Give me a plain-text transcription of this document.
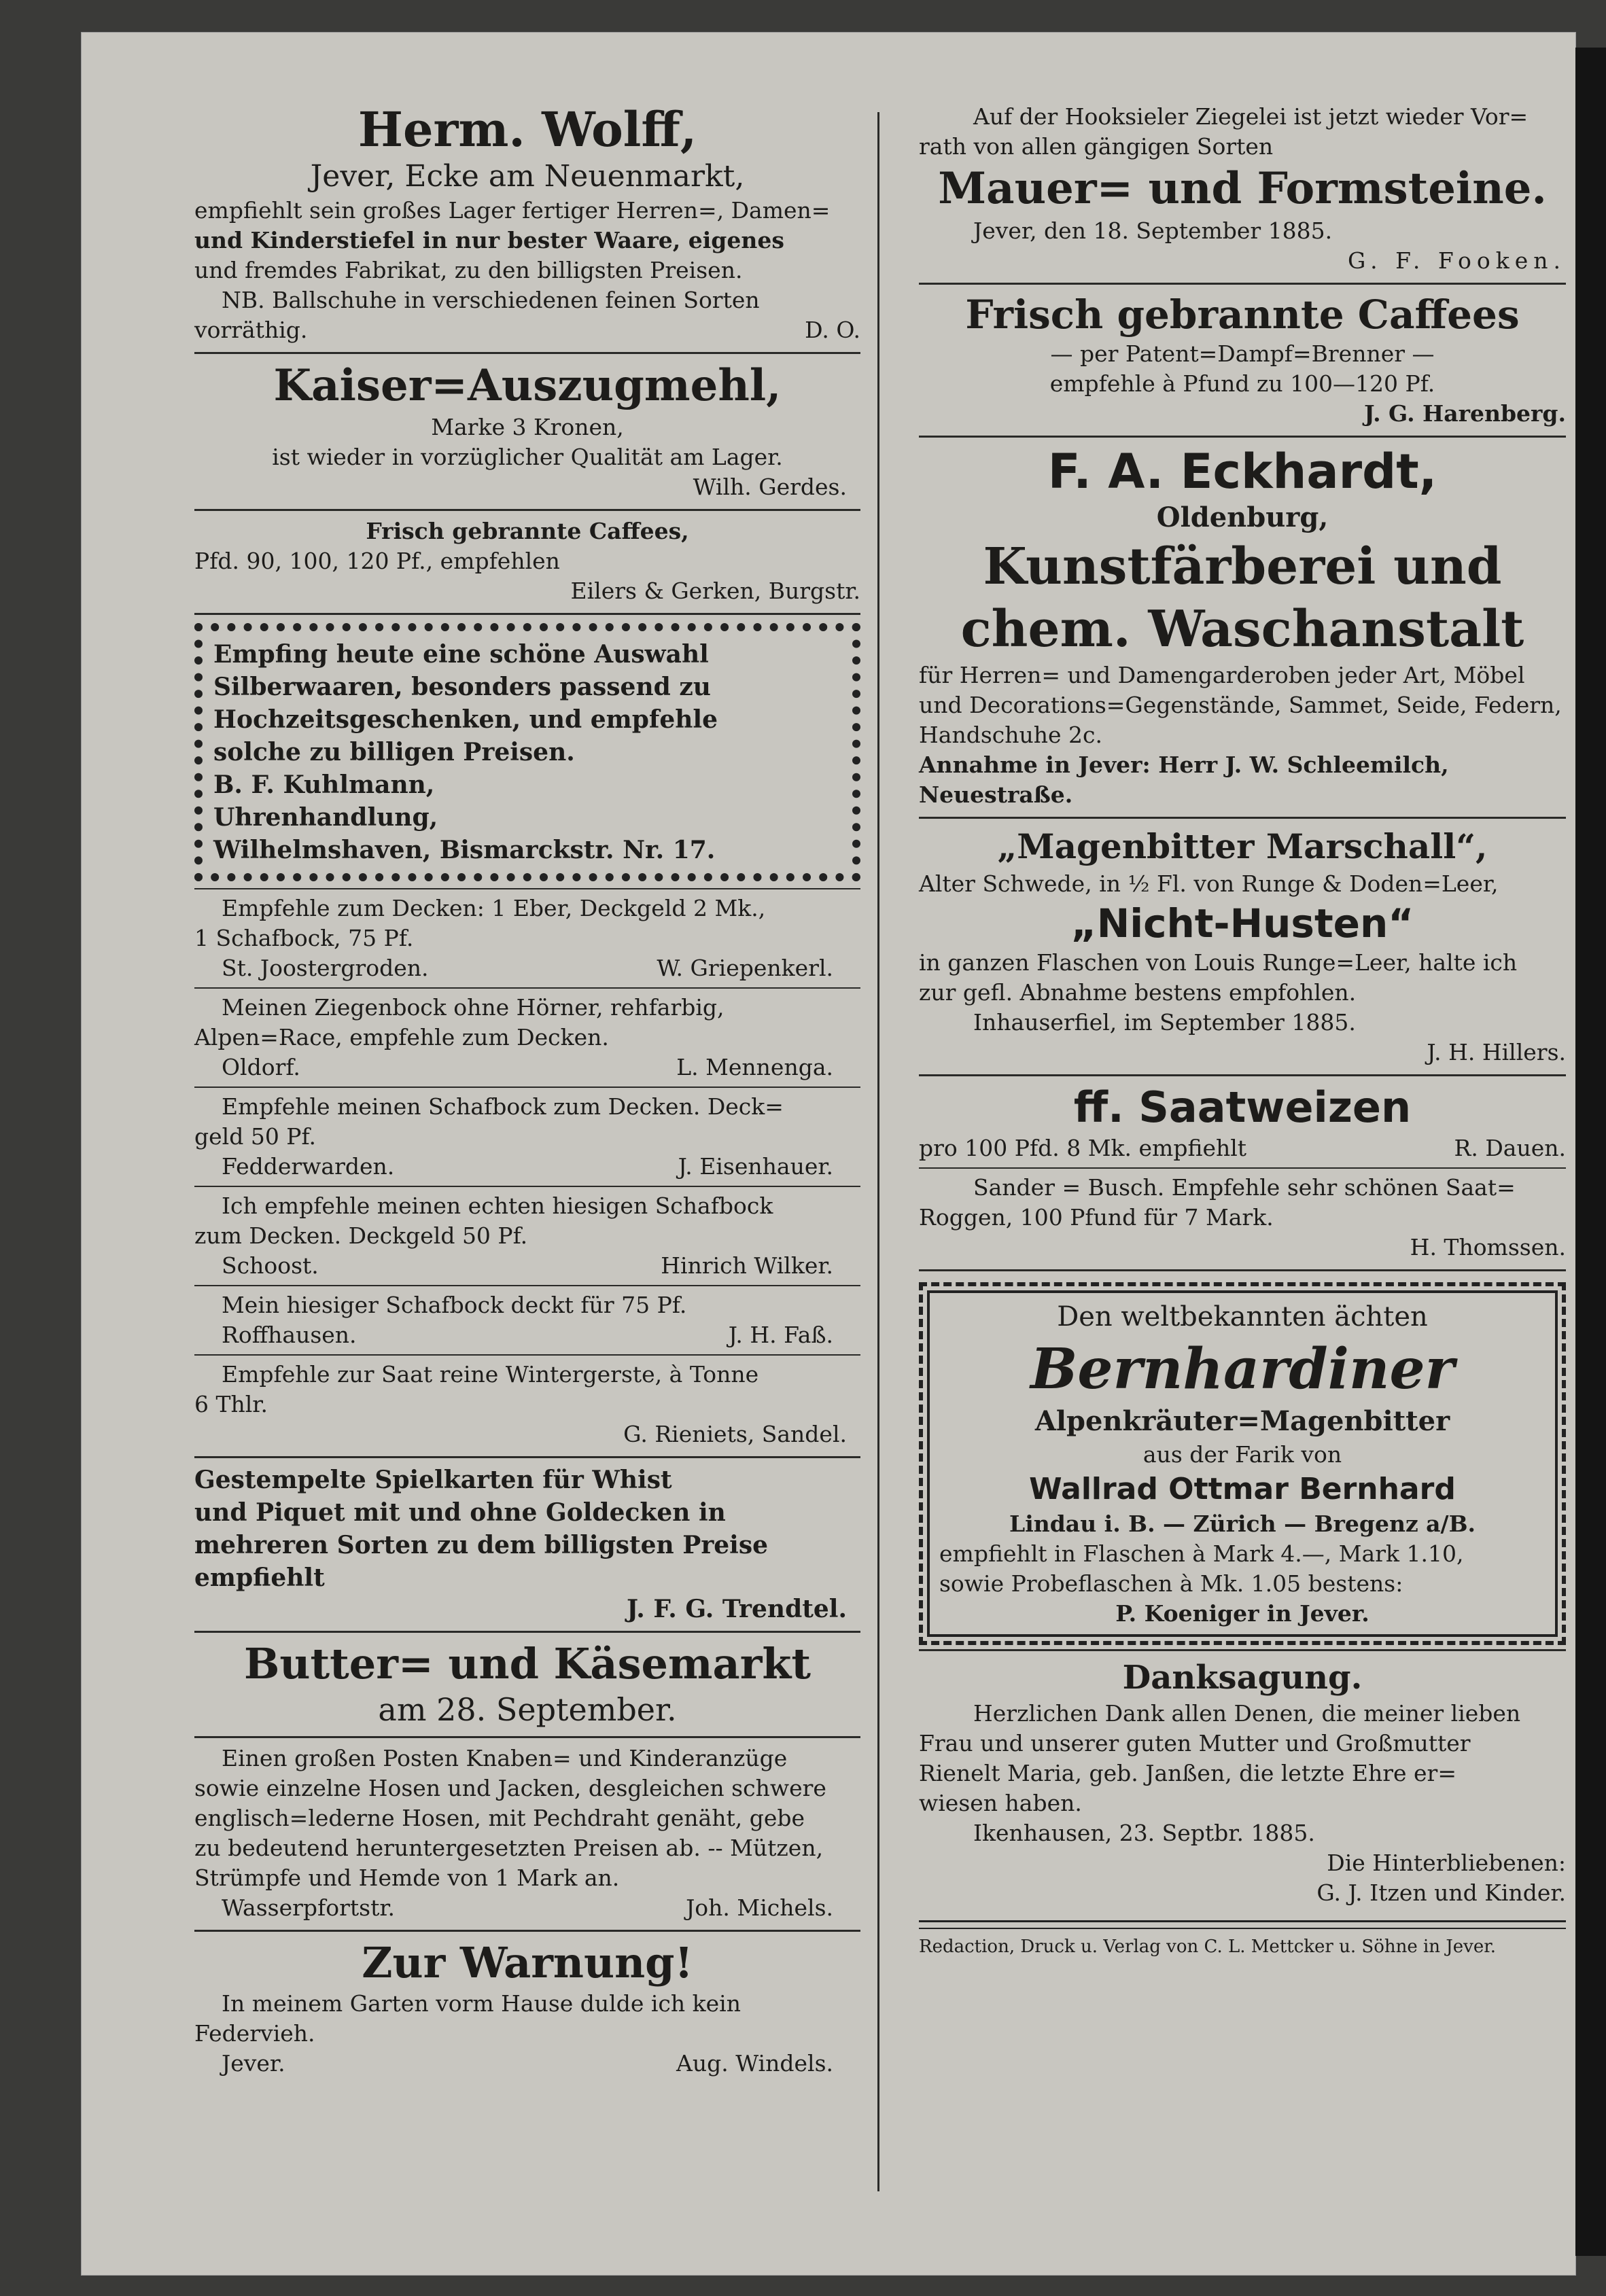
Herm. Wolff,
Jever, Ecke am Neuenmarkt,
empfiehlt sein großes Lager fertiger Herren=, Damen=
und Kinderstiefel in nur bester Waare, eigenes
und fremdes Fabrikat, zu den billigsten Preisen.
NB. Ballschuhe in verschiedenen feinen Sorten
vorräthig.	D. O.
Kaiser=Auszugmehl,
Marke 3 Kronen,
ist wieder in vorzüglicher Qualität am Lager.
Wilh. Gerdes.
Frisch gebrannte Caffees,
Pfd. 90, 100, 120 Pf., empfehlen
Eilers & Gerken, Burgstr.
Empfing heute eine schöne Auswahl
Silberwaaren, besonders passend zu
Hochzeitsgeschenken, und empfehle
solche zu billigen Preisen.
B. F. Kuhlmann,
Uhrenhandlung,
Wilhelmshaven, Bismarckstr. Nr. 17.
Empfehle zum Decken: 1 Eber, Deckgeld 2 Mk.,
1 Schafbock, 75 Pf.
St. Joostergroden.	W. Griepenkerl.
Meinen Ziegenbock ohne Hörner, rehfarbig,
Alpen=Race, empfehle zum Decken.
Oldorf.	L. Mennenga.
Empfehle meinen Schafbock zum Decken. Deck=
geld 50 Pf.
Fedderwarden.	J. Eisenhauer.
Ich empfehle meinen echten hiesigen Schafbock
zum Decken. Deckgeld 50 Pf.
Schoost.	Hinrich Wilker.
Mein hiesiger Schafbock deckt für 75 Pf.
Roffhausen.	J. H. Faß.
Empfehle zur Saat reine Wintergerste, à Tonne
6 Thlr.
G. Rieniets, Sandel.
Gestempelte Spielkarten für Whist
und Piquet mit und ohne Goldecken in
mehreren Sorten zu dem billigsten Preise
empfiehlt
J. F. G. Trendtel.
Butter= und Käsemarkt
am 28. September.
Einen großen Posten Knaben= und Kinderanzüge
sowie einzelne Hosen und Jacken, desgleichen schwere
englisch=lederne Hosen, mit Pechdraht genäht, gebe
zu bedeutend heruntergesetzten Preisen ab. -- Mützen,
Strümpfe und Hemde von 1 Mark an.
Wasserpfortstr.	Joh. Michels.
Zur Warnung!
In meinem Garten vorm Hause dulde ich kein
Federvieh.
Jever.	Aug. Windels.
Auf der Hooksieler Ziegelei ist jetzt wieder Vor=
rath von allen gängigen Sorten
Mauer= und Formsteine.
Jever, den 18. September 1885.
G. F. Fooken.
Frisch gebrannte Caffees
— per Patent=Dampf=Brenner —
empfehle à Pfund zu 100—120 Pf.
J. G. Harenberg.
F. A. Eckhardt,
Oldenburg,
Kunstfärberei und
chem. Waschanstalt
für Herren= und Damengarderoben jeder Art, Möbel
und Decorations=Gegenstände, Sammet, Seide, Federn,
Handschuhe 2c.
Annahme in Jever: Herr J. W. Schleemilch,
Neuestraße.
„Magenbitter Marschall“,
Alter Schwede, in ½ Fl. von Runge & Doden=Leer,
„Nicht-Husten“
in ganzen Flaschen von Louis Runge=Leer, halte ich
zur gefl. Abnahme bestens empfohlen.
Inhauserfiel, im September 1885.
J. H. Hillers.
ff. Saatweizen
pro 100 Pfd. 8 Mk. empfiehlt	R. Dauen.
Sander = Busch. Empfehle sehr schönen Saat=
Roggen, 100 Pfund für 7 Mark.
H. Thomssen.
Den weltbekannten ächten
Bernhardiner
Alpenkräuter=Magenbitter
aus der Farik von
Wallrad Ottmar Bernhard
Lindau i. B. — Zürich — Bregenz a/B.
empfiehlt in Flaschen à Mark 4.—, Mark 1.10,
sowie Probeflaschen à Mk. 1.05 bestens:
P. Koeniger in Jever.
Danksagung.
Herzlichen Dank allen Denen, die meiner lieben
Frau und unserer guten Mutter und Großmutter
Rienelt Maria, geb. Janßen, die letzte Ehre er=
wiesen haben.
Ikenhausen, 23. Septbr. 1885.
Die Hinterbliebenen:
G. J. Itzen und Kinder.
Redaction, Druck u. Verlag von C. L. Mettcker u. Söhne in Jever.
